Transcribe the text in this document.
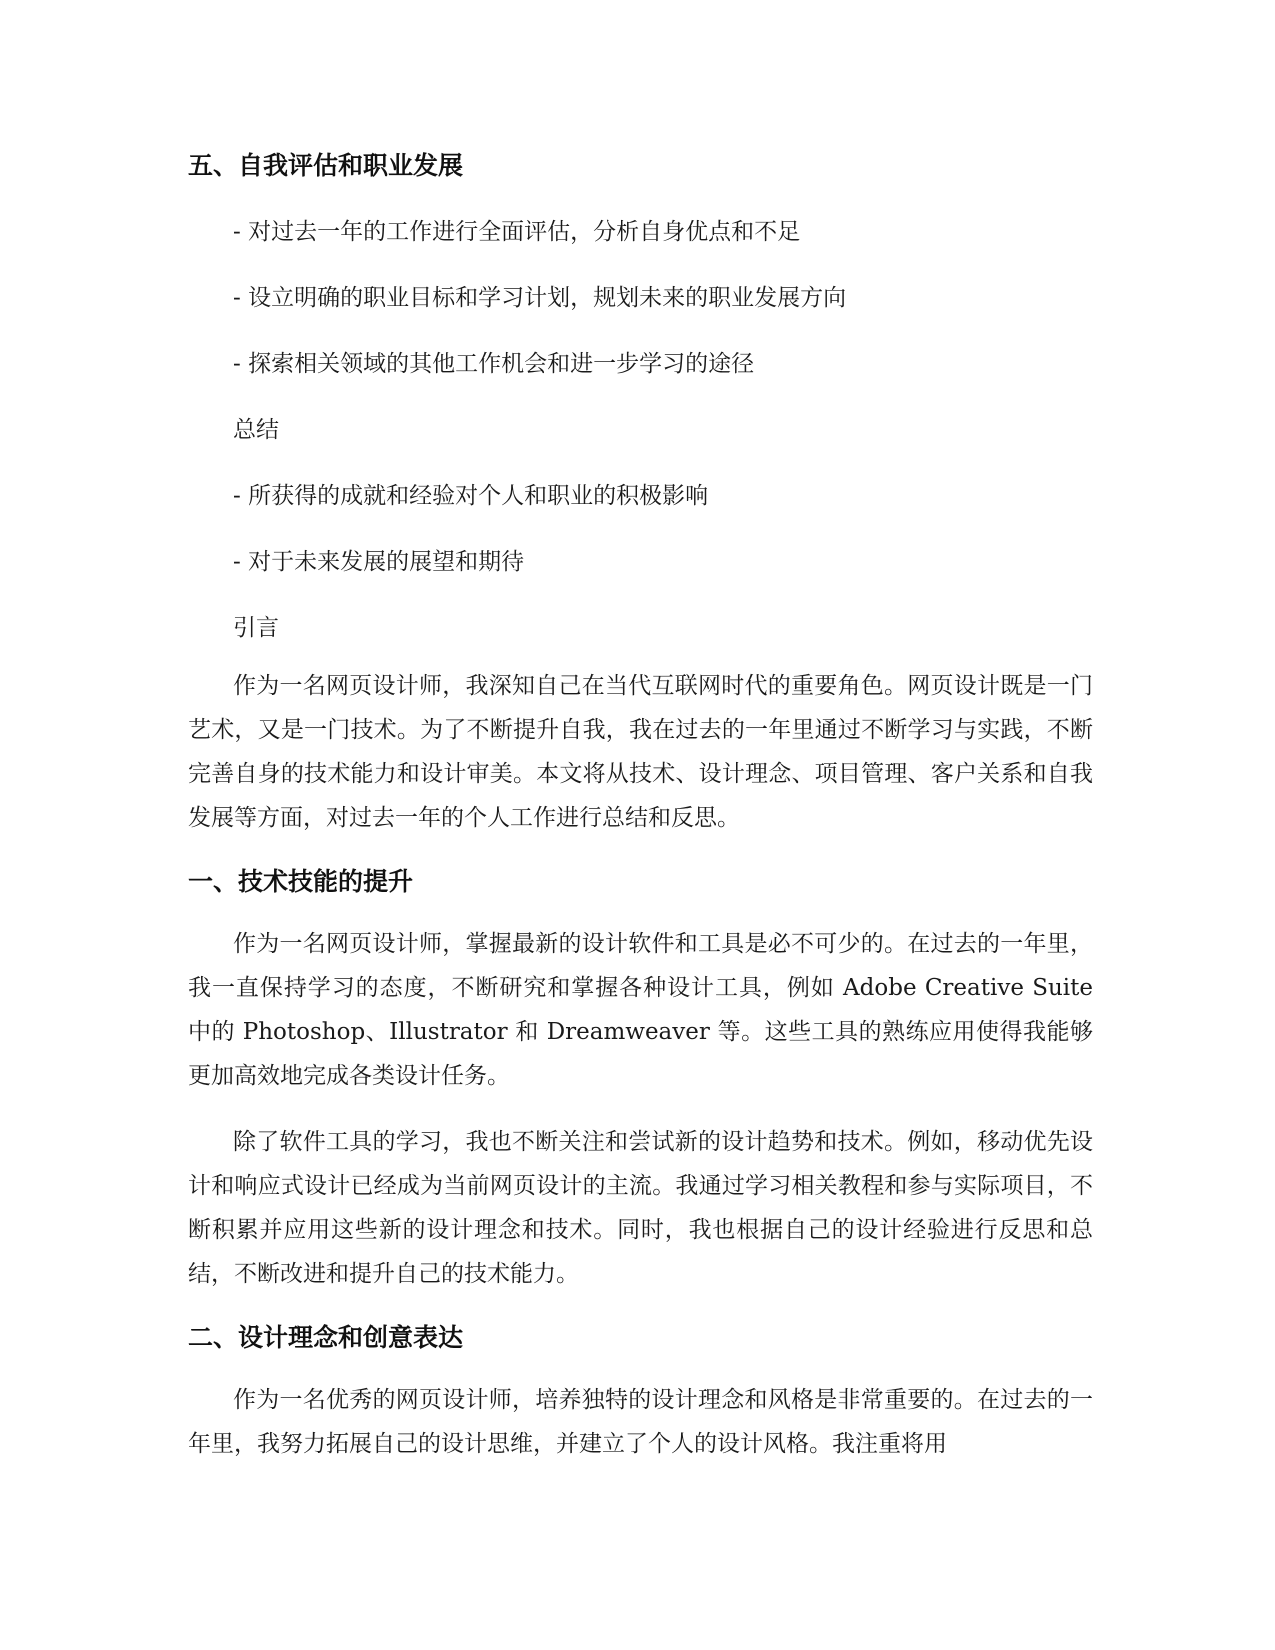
五、自我评估和职业发展

- 对过去一年的工作进行全面评估，分析自身优点和不足

- 设立明确的职业目标和学习计划，规划未来的职业发展方向

- 探索相关领域的其他工作机会和进一步学习的途径

总结

- 所获得的成就和经验对个人和职业的积极影响

- 对于未来发展的展望和期待

引言

作为一名网页设计师，我深知自己在当代互联网时代的重要角色。网页设计既是一门艺术，又是一门技术。为了不断提升自我，我在过去的一年里通过不断学习与实践，不断完善自身的技术能力和设计审美。本文将从技术、设计理念、项目管理、客户关系和自我发展等方面，对过去一年的个人工作进行总结和反思。

一、技术技能的提升

作为一名网页设计师，掌握最新的设计软件和工具是必不可少的。在过去的一年里，我一直保持学习的态度，不断研究和掌握各种设计工具，例如 Adobe Creative Suite 中的 Photoshop、Illustrator 和 Dreamweaver 等。这些工具的熟练应用使得我能够更加高效地完成各类设计任务。

除了软件工具的学习，我也不断关注和尝试新的设计趋势和技术。例如，移动优先设计和响应式设计已经成为当前网页设计的主流。我通过学习相关教程和参与实际项目，不断积累并应用这些新的设计理念和技术。同时，我也根据自己的设计经验进行反思和总结，不断改进和提升自己的技术能力。

二、设计理念和创意表达

作为一名优秀的网页设计师，培养独特的设计理念和风格是非常重要的。在过去的一年里，我努力拓展自己的设计思维，并建立了个人的设计风格。我注重将用
